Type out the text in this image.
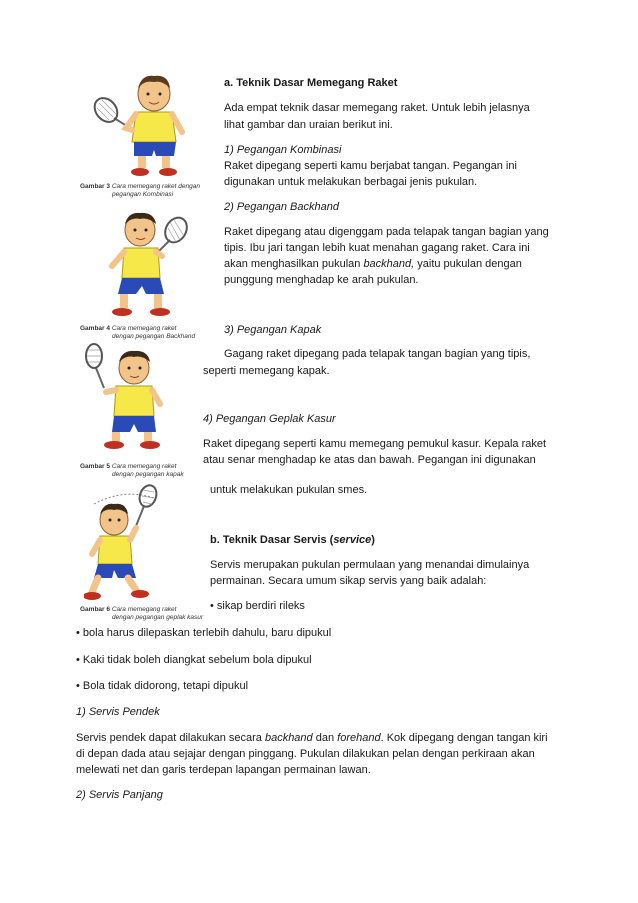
Gambar 3 Cara memegang raket dengan
pegangan Kombinasi
Gambar 4 Cara memegang raket
dengan pegangan Backhand
Gambar 5 Cara memegang raket
dengan pegangan kapak
Gambar 6 Cara memegang raket
dengan pegangan geplak kasur
a. Teknik Dasar Memegang Raket
Ada empat teknik dasar memegang raket. Untuk lebih jelasnya
lihat gambar dan uraian berikut ini.
1) Pegangan Kombinasi
Raket dipegang seperti kamu berjabat tangan. Pegangan ini
digunakan untuk melakukan berbagai jenis pukulan.
2) Pegangan Backhand
Raket dipegang atau digenggam pada telapak tangan bagian yang
tipis. Ibu jari tangan lebih kuat menahan gagang raket. Cara ini
akan menghasilkan pukulan backhand, yaitu pukulan dengan
punggung menghadap ke arah pukulan.
3) Pegangan Kapak
Gagang raket dipegang pada telapak tangan bagian yang tipis,
seperti memegang kapak.
4) Pegangan Geplak Kasur
Raket dipegang seperti kamu memegang pemukul kasur. Kepala raket
atau senar menghadap ke atas dan bawah. Pegangan ini digunakan
untuk melakukan pukulan smes.
b. Teknik Dasar Servis (service)
Servis merupakan pukulan permulaan yang menandai dimulainya
permainan. Secara umum sikap servis yang baik adalah:
• sikap berdiri rileks
• bola harus dilepaskan terlebih dahulu, baru dipukul
• Kaki tidak boleh diangkat sebelum bola dipukul
• Bola tidak didorong, tetapi dipukul
1) Servis Pendek
Servis pendek dapat dilakukan secara backhand dan forehand. Kok dipegang dengan tangan kiri
di depan dada atau sejajar dengan pinggang. Pukulan dilakukan pelan dengan perkiraan akan
melewati net dan garis terdepan lapangan permainan lawan.
2) Servis Panjang
